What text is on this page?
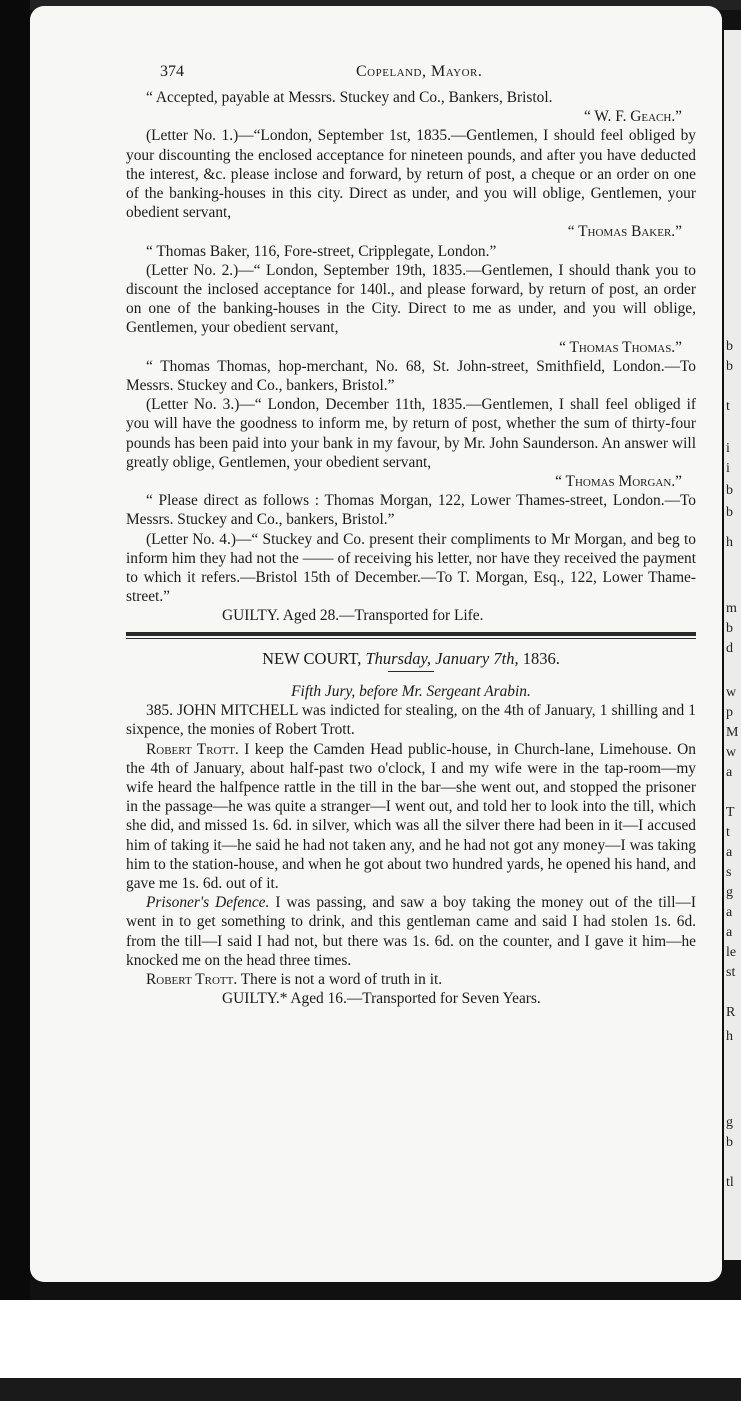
b
b
t
i
i
b
b
h
m
b
d
w
p
M
w
a
T
t
a
s
g
a
a
le
st
R
h
g
b
tl
374	Copeland, Mayor.

“ Accepted, payable at Messrs. Stuckey and Co., Bankers, Bristol.

“ W. F. Geach.”

(Letter No. 1.)—“London, September 1st, 1835.—Gentlemen, I should feel obliged by your discounting the enclosed acceptance for nineteen pounds, and after you have deducted the interest, &c. please inclose and forward, by return of post, a cheque or an order on one of the banking-houses in this city. Direct as under, and you will oblige, Gentlemen, your obedient servant,

“ Thomas Baker.”

“ Thomas Baker, 116, Fore-street, Cripplegate, London.”

(Letter No. 2.)—“ London, September 19th, 1835.—Gentlemen, I should thank you to discount the inclosed acceptance for 140l., and please forward, by return of post, an order on one of the banking-houses in the City. Direct to me as under, and you will oblige, Gentlemen, your obedient servant,

“ Thomas Thomas.”

“ Thomas Thomas, hop-merchant, No. 68, St. John-street, Smithfield, London.—To Messrs. Stuckey and Co., bankers, Bristol.”

(Letter No. 3.)—“ London, December 11th, 1835.—Gentlemen, I shall feel obliged if you will have the goodness to inform me, by return of post, whether the sum of thirty-four pounds has been paid into your bank in my favour, by Mr. John Saunderson. An answer will greatly oblige, Gentlemen, your obedient servant,

“ Thomas Morgan.”

“ Please direct as follows : Thomas Morgan, 122, Lower Thames-street, London.—To Messrs. Stuckey and Co., bankers, Bristol.”

(Letter No. 4.)—“ Stuckey and Co. present their compliments to Mr Morgan, and beg to inform him they had not the —— of receiving his letter, nor have they received the payment to which it refers.—Bristol 15th of December.—To T. Morgan, Esq., 122, Lower Thame-street.”

GUILTY. Aged 28.—Transported for Life.

NEW COURT, Thursday, January 7th, 1836.

Fifth Jury, before Mr. Sergeant Arabin.

385. JOHN MITCHELL was indicted for stealing, on the 4th of January, 1 shilling and 1 sixpence, the monies of Robert Trott.

Robert Trott. I keep the Camden Head public-house, in Church-lane, Limehouse. On the 4th of January, about half-past two o'clock, I and my wife were in the tap-room—my wife heard the halfpence rattle in the till in the bar—she went out, and stopped the prisoner in the passage—he was quite a stranger—I went out, and told her to look into the till, which she did, and missed 1s. 6d. in silver, which was all the silver there had been in it—I accused him of taking it—he said he had not taken any, and he had not got any money—I was taking him to the station-house, and when he got about two hundred yards, he opened his hand, and gave me 1s. 6d. out of it.

Prisoner's Defence. I was passing, and saw a boy taking the money out of the till—I went in to get something to drink, and this gentleman came and said I had stolen 1s. 6d. from the till—I said I had not, but there was 1s. 6d. on the counter, and I gave it him—he knocked me on the head three times.

Robert Trott. There is not a word of truth in it.

GUILTY.* Aged 16.—Transported for Seven Years.
